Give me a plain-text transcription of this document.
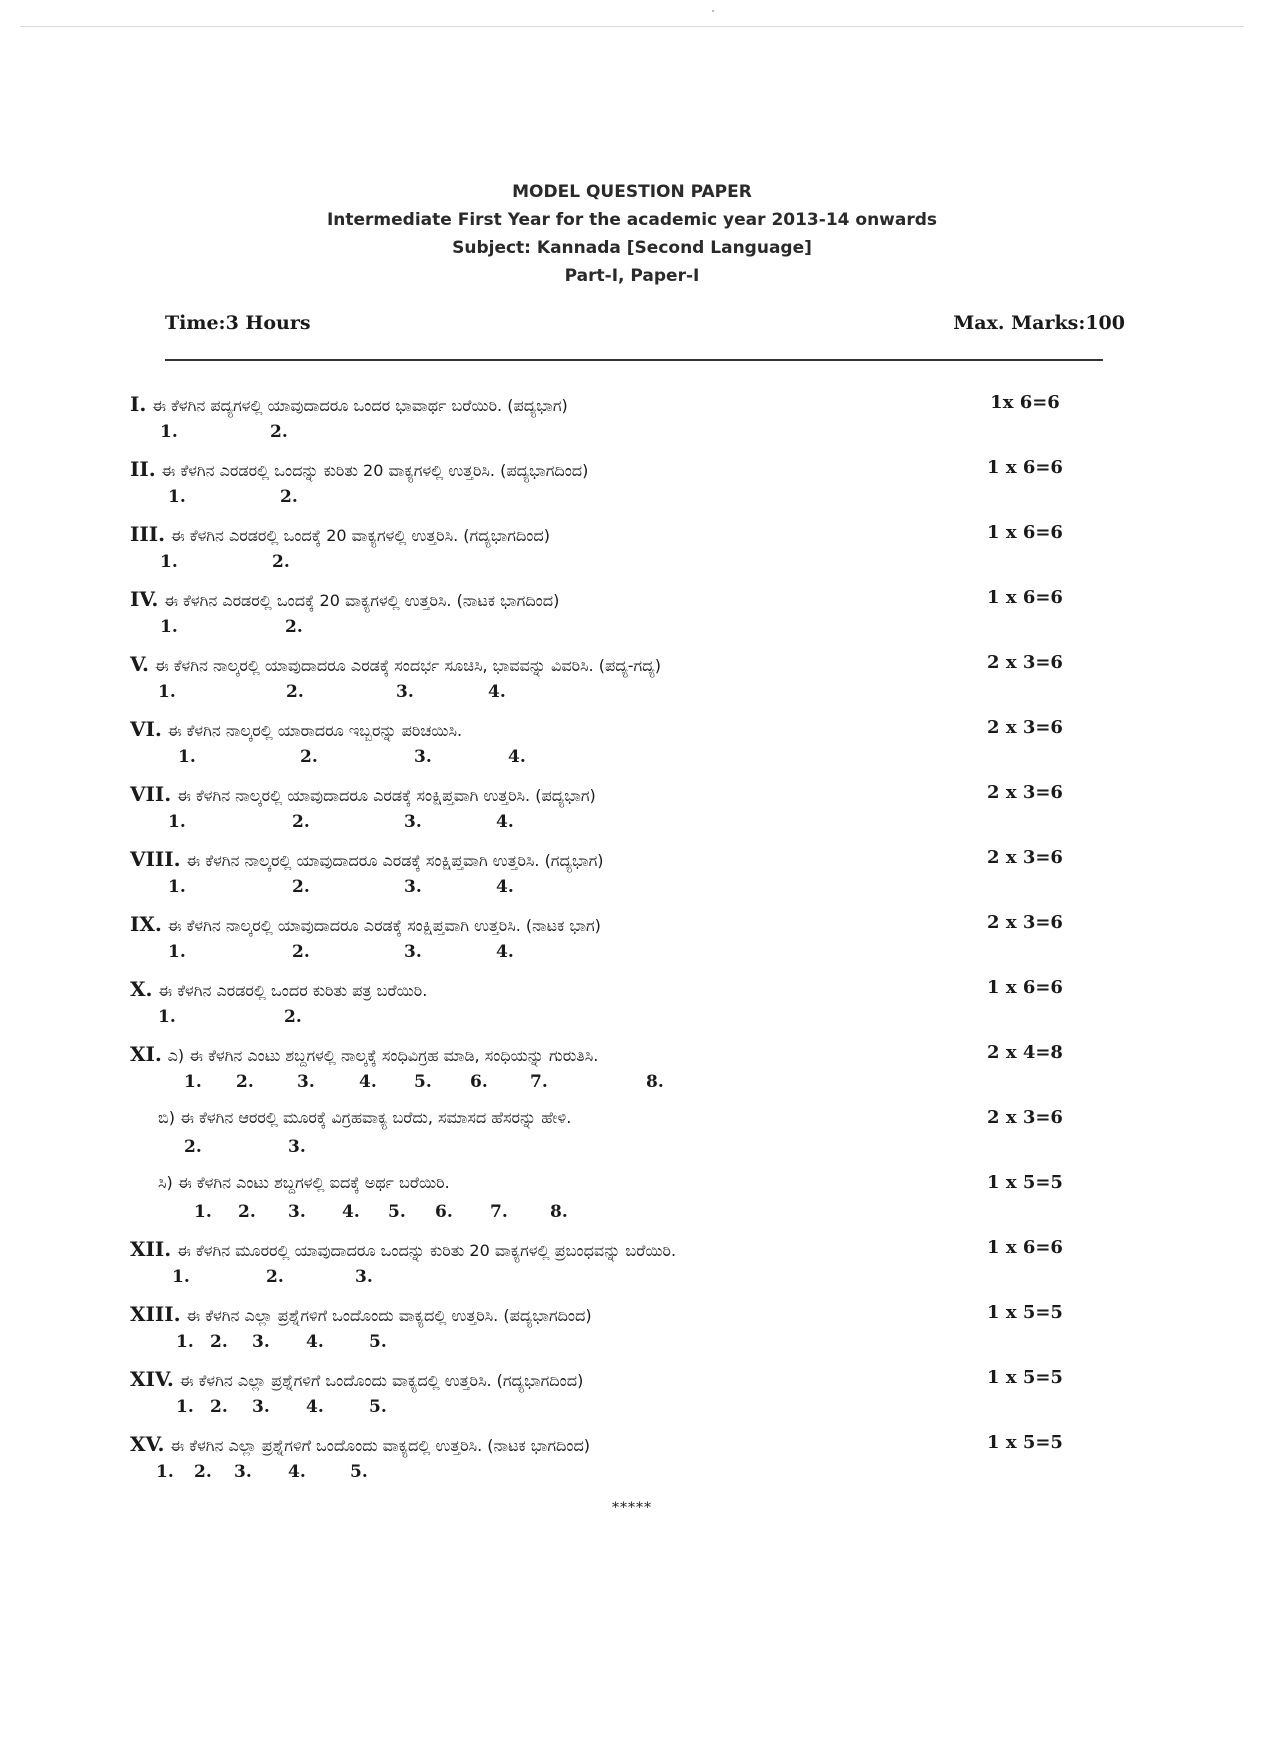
MODEL QUESTION PAPER
Intermediate First Year for the academic year 2013-14 onwards
Subject: Kannada [Second Language]
Part-I, Paper-I
Time:3 Hours	Max. Marks:100
I. ಈ ಕೆಳಗಿನ ಪದ್ಯಗಳಲ್ಲಿ ಯಾವುದಾದರೂ ಒಂದರ ಭಾವಾರ್ಥ ಬರೆಯಿರಿ. (ಪದ್ಯಭಾಗ)	1x 6=6
1.	2.
II. ಈ ಕೆಳಗಿನ ಎರಡರಲ್ಲಿ ಒಂದನ್ನು ಕುರಿತು 20 ವಾಕ್ಯಗಳಲ್ಲಿ ಉತ್ತರಿಸಿ. (ಪದ್ಯಭಾಗದಿಂದ)	1 x 6=6
1.	2.
III. ಈ ಕೆಳಗಿನ ಎರಡರಲ್ಲಿ ಒಂದಕ್ಕೆ 20 ವಾಕ್ಯಗಳಲ್ಲಿ ಉತ್ತರಿಸಿ. (ಗದ್ಯಭಾಗದಿಂದ)	1 x 6=6
1.	2.
IV. ಈ ಕೆಳಗಿನ ಎರಡರಲ್ಲಿ ಒಂದಕ್ಕೆ 20 ವಾಕ್ಯಗಳಲ್ಲಿ ಉತ್ತರಿಸಿ. (ನಾಟಕ ಭಾಗದಿಂದ)	1 x 6=6
1.	2.
V. ಈ ಕೆಳಗಿನ ನಾಲ್ಕರಲ್ಲಿ ಯಾವುದಾದರೂ ಎರಡಕ್ಕೆ ಸಂದರ್ಭ ಸೂಚಿಸಿ, ಭಾವವನ್ನು ವಿವರಿಸಿ. (ಪದ್ಯ-ಗದ್ಯ)	2 x 3=6
1.	2.	3.	4.
VI. ಈ ಕೆಳಗಿನ ನಾಲ್ಕರಲ್ಲಿ ಯಾರಾದರೂ ಇಬ್ಬರನ್ನು ಪರಿಚಯಿಸಿ.	2 x 3=6
1.	2.	3.	4.
VII. ಈ ಕೆಳಗಿನ ನಾಲ್ಕರಲ್ಲಿ ಯಾವುದಾದರೂ ಎರಡಕ್ಕೆ ಸಂಕ್ಷಿಪ್ತವಾಗಿ ಉತ್ತರಿಸಿ. (ಪದ್ಯಭಾಗ)	2 x 3=6
1.	2.	3.	4.
VIII. ಈ ಕೆಳಗಿನ ನಾಲ್ಕರಲ್ಲಿ ಯಾವುದಾದರೂ ಎರಡಕ್ಕೆ ಸಂಕ್ಷಿಪ್ತವಾಗಿ ಉತ್ತರಿಸಿ. (ಗದ್ಯಭಾಗ)	2 x 3=6
1.	2.	3.	4.
IX. ಈ ಕೆಳಗಿನ ನಾಲ್ಕರಲ್ಲಿ ಯಾವುದಾದರೂ ಎರಡಕ್ಕೆ ಸಂಕ್ಷಿಪ್ತವಾಗಿ ಉತ್ತರಿಸಿ. (ನಾಟಕ ಭಾಗ)	2 x 3=6
1.	2.	3.	4.
X. ಈ ಕೆಳಗಿನ ಎರಡರಲ್ಲಿ ಒಂದರ ಕುರಿತು ಪತ್ರ ಬರೆಯಿರಿ.	1 x 6=6
1.	2.
XI. ಎ) ಈ ಕೆಳಗಿನ ಎಂಟು ಶಬ್ದಗಳಲ್ಲಿ ನಾಲ್ಕಕ್ಕೆ ಸಂಧಿವಿಗ್ರಹ ಮಾಡಿ, ಸಂಧಿಯನ್ನು ಗುರುತಿಸಿ.	2 x 4=8
1. 2.	3.	4. 5. 6. 7.	8.
ಬಿ) ಈ ಕೆಳಗಿನ ಆರರಲ್ಲಿ ಮೂರಕ್ಕೆ ವಿಗ್ರಹವಾಕ್ಯ ಬರೆದು, ಸಮಾಸದ ಹೆಸರನ್ನು ಹೇಳಿ.	2 x 3=6
2.	3.
ಸಿ) ಈ ಕೆಳಗಿನ ಎಂಟು ಶಬ್ದಗಳಲ್ಲಿ ಐದಕ್ಕೆ ಅರ್ಥ ಬರೆಯಿರಿ.	1 x 5=5
1. 2. 3. 4. 5. 6. 7. 8.
XII. ಈ ಕೆಳಗಿನ ಮೂರರಲ್ಲಿ ಯಾವುದಾದರೂ ಒಂದನ್ನು ಕುರಿತು 20 ವಾಕ್ಯಗಳಲ್ಲಿ ಪ್ರಬಂಧವನ್ನು ಬರೆಯಿರಿ.	1 x 6=6
1.	2.	3.
XIII. ಈ ಕೆಳಗಿನ ಎಲ್ಲಾ ಪ್ರಶ್ನೆಗಳಿಗೆ ಒಂದೊಂದು ವಾಕ್ಯದಲ್ಲಿ ಉತ್ತರಿಸಿ. (ಪದ್ಯಭಾಗದಿಂದ)	1 x 5=5
1. 2. 3. 4.	5.
XIV. ಈ ಕೆಳಗಿನ ಎಲ್ಲಾ ಪ್ರಶ್ನೆಗಳಿಗೆ ಒಂದೊಂದು ವಾಕ್ಯದಲ್ಲಿ ಉತ್ತರಿಸಿ. (ಗದ್ಯಭಾಗದಿಂದ)	1 x 5=5
1. 2. 3. 4.	5.
XV. ಈ ಕೆಳಗಿನ ಎಲ್ಲಾ ಪ್ರಶ್ನೆಗಳಿಗೆ ಒಂದೊಂದು ವಾಕ್ಯದಲ್ಲಿ ಉತ್ತರಿಸಿ. (ನಾಟಕ ಭಾಗದಿಂದ)	1 x 5=5
1. 2. 3. 4.	5.
*****
